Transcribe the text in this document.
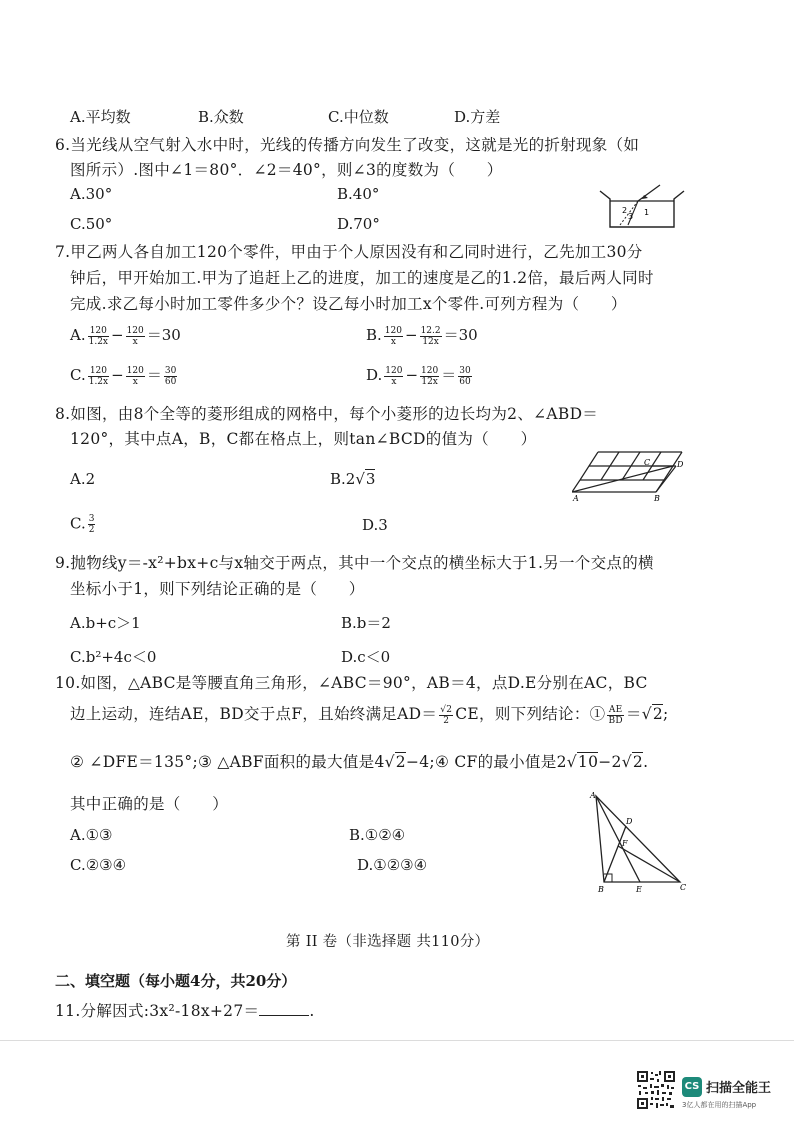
A.平均数	B.众数	C.中位数	D.方差
6.当光线从空气射入水中时，光线的传播方向发生了改变，这就是光的折射现象（如
图所示）.图中∠1＝80°．∠2＝40°，则∠3的度数为（　　）
A.30°	B.40°
C.50°	D.70°
2
3 1
7.甲乙两人各自加工120个零件，甲由于个人原因没有和乙同时进行，乙先加工30分
钟后，甲开始加工.甲为了追赶上乙的进度，加工的速度是乙的1.2倍，最后两人同时
完成.求乙每小时加工零件多少个？设乙每小时加工x个零件.可列方程为（　　）
A. $\frac{120}{1.2x} - \frac{120}{x} =30$	B. $\frac{120}{x} - \frac{12.2}{12x} =30$
C. $\frac{120}{1.2x} - \frac{120}{x} = \frac{30}{60}$	D. $\frac{120}{x} - \frac{120}{12x} = \frac{30}{60}$
8.如图，由8个全等的菱形组成的网格中，每个小菱形的边长均为2、∠ABD＝
120°，其中点A，B，C都在格点上，则tan∠BCD的值为（　　）
A.2	B.2√3
C. $\frac{3}{2}$	D.3
A	B
C	D
9.抛物线y＝-x²+bx+c与x轴交于两点，其中一个交点的横坐标大于1.另一个交点的横
坐标小于1，则下列结论正确的是（　　）
A.b+c＞1	B.b＝2
C.b²+4c＜0	D.c＜0
10.如图，△ABC是等腰直角三角形，∠ABC＝90°，AB＝4，点D.E分别在AC，BC
边上运动，连结AE，BD交于点F，且始终满足$AD= \frac{√2}{2}$ CE，则下列结论：① $\frac{AE}{BD} =√2$;
② ∠DFE＝135°;③ △ABF面积的最大值是4√2−4;④ CF的最小值是2√10−2√2.
其中正确的是（　　）
A.①③	B.①②④
C.②③④	D.①②③④
A
D
F
B	E	C
第 II 卷（非选择题 共110分）
二、填空题（每小题4分，共20分）
11.分解因式:3x²-18x+27＝	.
CS 扫描全能王
3亿人都在用的扫描App
